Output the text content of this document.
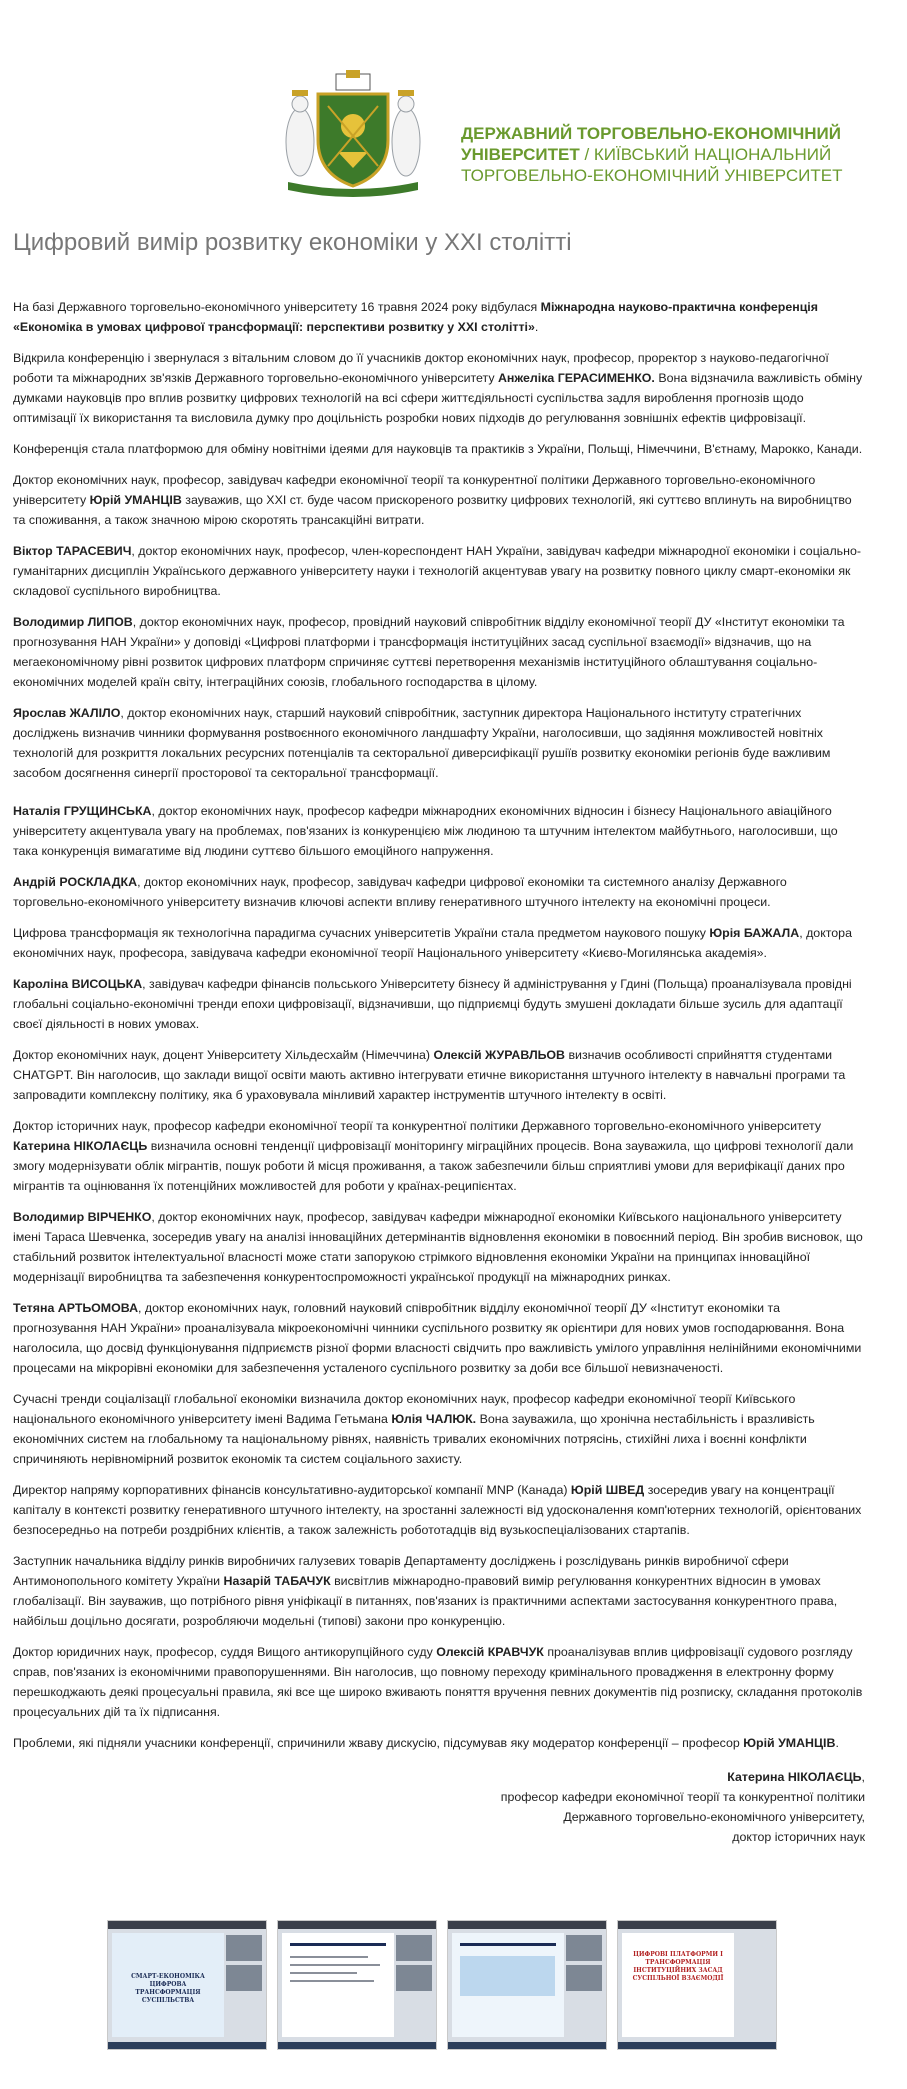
ДЕРЖАВНИЙ ТОРГОВЕЛЬНО-ЕКОНОМІЧНИЙ УНІВЕРСИТЕТ / КИЇВСЬКИЙ НАЦІОНАЛЬНИЙ ТОРГОВЕЛЬНО-ЕКОНОМІЧНИЙ УНІВЕРСИТЕТ
Цифровий вимір розвитку економіки у XXI столітті

На базі Державного торговельно-економічного університету 16 травня 2024 року відбулася Міжнародна науково-практична конференція «Економіка в умовах цифрової трансформації: перспективи розвитку у XXI столітті».

Відкрила конференцію і звернулася з вітальним словом до її учасників доктор економічних наук, професор, проректор з науково-педагогічної роботи та міжнародних зв'язків Державного торговельно-економічного університету Анжеліка ГЕРАСИМЕНКО. Вона відзначила важливість обміну думками науковців про вплив розвитку цифрових технологій на всі сфери життєдіяльності суспільства задля вироблення прогнозів щодо оптимізації їх використання та висловила думку про доцільність розробки нових підходів до регулювання зовнішніх ефектів цифровізації.

Конференція стала платформою для обміну новітніми ідеями для науковців та практиків з України, Польщі, Німеччини, В'єтнаму, Марокко, Канади.

Доктор економічних наук, професор, завідувач кафедри економічної теорії та конкурентної політики Державного торговельно-економічного університету Юрій УМАНЦІВ зауважив, що XXI ст. буде часом прискореного розвитку цифрових технологій, які суттєво вплинуть на виробництво та споживання, а також значною мірою скоротять трансакційні витрати.

Віктор ТАРАСЕВИЧ, доктор економічних наук, професор, член-кореспондент НАН України, завідувач кафедри міжнародної економіки і соціально-гуманітарних дисциплін Українського державного університету науки і технологій акцентував увагу на розвитку повного циклу смарт-економіки як складової суспільного виробництва.

Володимир ЛИПОВ, доктор економічних наук, професор, провідний науковий співробітник відділу економічної теорії ДУ «Інститут економіки та прогнозування НАН України» у доповіді «Цифрові платформи і трансформація інституційних засад суспільної взаємодії» відзначив, що на мегаекономічному рівні розвиток цифрових платформ спричиняє суттєві перетворення механізмів інституційного облаштування соціально-економічних моделей країн світу, інтеграційних союзів, глобального господарства в цілому.

Ярослав ЖАЛІЛО, доктор економічних наук, старший науковий співробітник, заступник директора Національного інституту стратегічних досліджень визначив чинники формування postвоєнного економічного ландшафту України, наголосивши, що задіяння можливостей новітніх технологій для розкриття локальних ресурсних потенціалів та секторальної диверсифікації рушіїв розвитку економіки регіонів буде важливим засобом досягнення синергії просторової та секторальної трансформації.

Наталія ГРУЩИНСЬКА, доктор економічних наук, професор кафедри міжнародних економічних відносин і бізнесу Національного авіаційного університету акцентувала увагу на проблемах, пов'язаних із конкуренцією між людиною та штучним інтелектом майбутнього, наголосивши, що така конкуренція вимагатиме від людини суттєво більшого емоційного напруження.

Андрій РОСКЛАДКА, доктор економічних наук, професор, завідувач кафедри цифрової економіки та системного аналізу Державного торговельно-економічного університету визначив ключові аспекти впливу генеративного штучного інтелекту на економічні процеси.

Цифрова трансформація як технологічна парадигма сучасних університетів України стала предметом наукового пошуку Юрія БАЖАЛА, доктора економічних наук, професора, завідувача кафедри економічної теорії Національного університету «Києво-Могилянська академія».

Кароліна ВИСОЦЬКА, завідувач кафедри фінансів польського Університету бізнесу й адміністрування у Гдині (Польща) проаналізувала провідні глобальні соціально-економічні тренди епохи цифровізації, відзначивши, що підприємці будуть змушені докладати більше зусиль для адаптації своєї діяльності в нових умовах.

Доктор економічних наук, доцент Університету Хільдесхайм (Німеччина) Олексій ЖУРАВЛЬОВ визначив особливості сприйняття студентами CHATGPT. Він наголосив, що заклади вищої освіти мають активно інтегрувати етичне використання штучного інтелекту в навчальні програми та запровадити комплексну політику, яка б ураховувала мінливий характер інструментів штучного інтелекту в освіті.

Доктор історичних наук, професор кафедри економічної теорії та конкурентної політики Державного торговельно-економічного університету Катерина НІКОЛАЄЦЬ визначила основні тенденції цифровізації моніторингу міграційних процесів. Вона зауважила, що цифрові технології дали змогу модернізувати облік мігрантів, пошук роботи й місця проживання, а також забезпечили більш сприятливі умови для верифікації даних про мігрантів та оцінювання їх потенційних можливостей для роботи у країнах-реципієнтах.

Володимир ВІРЧЕНКО, доктор економічних наук, професор, завідувач кафедри міжнародної економіки Київського національного університету імені Тараса Шевченка, зосередив увагу на аналізі інноваційних детермінантів відновлення економіки в повоєнний період. Він зробив висновок, що стабільний розвиток інтелектуальної власності може стати запорукою стрімкого відновлення економіки України на принципах інноваційної модернізації виробництва та забезпечення конкурентоспроможності української продукції на міжнародних ринках.

Тетяна АРТЬОМОВА, доктор економічних наук, головний науковий співробітник відділу економічної теорії ДУ «Інститут економіки та прогнозування НАН України» проаналізувала мікроекономічні чинники суспільного розвитку як орієнтири для нових умов господарювання. Вона наголосила, що досвід функціонування підприємств різної форми власності свідчить про важливість умілого управління нелінійними економічними процесами на мікрорівні економіки для забезпечення усталеного суспільного розвитку за доби все більшої невизначеності.

Сучасні тренди соціалізації глобальної економіки визначила доктор економічних наук, професор кафедри економічної теорії Київського національного економічного університету імені Вадима Гетьмана Юлія ЧАЛЮК. Вона зауважила, що хронічна нестабільність і вразливість економічних систем на глобальному та національному рівнях, наявність тривалих економічних потрясінь, стихійні лиха і воєнні конфлікти спричиняють нерівномірний розвиток економік та систем соціального захисту.

Директор напряму корпоративних фінансів консультативно-аудиторської компанії MNP (Канада) Юрій ШВЕД зосередив увагу на концентрації капіталу в контексті розвитку генеративного штучного інтелекту, на зростанні залежності від удосконалення комп'ютерних технологій, орієнтованих безпосередньо на потреби роздрібних клієнтів, а також залежність робототадців від вузькоспеціалізованих стартапів.

Заступник начальника відділу ринків виробничих галузевих товарів Департаменту досліджень і розслідувань ринків виробничої сфери Антимонопольного комітету України Назарій ТАБАЧУК висвітлив міжнародно-правовий вимір регулювання конкурентних відносин в умовах глобалізації. Він зауважив, що потрібного рівня уніфікації в питаннях, пов'язаних із практичними аспектами застосування конкурентного права, найбільш доцільно досягати, розробляючи модельні (типові) закони про конкуренцію.

Доктор юридичних наук, професор, суддя Вищого антикорупційного суду Олексій КРАВЧУК проаналізував вплив цифровізації судового розгляду справ, пов'язаних із економічними правопорушеннями. Він наголосив, що повному переходу кримінального провадження в електронну форму перешкоджають деякі процесуальні правила, які все ще широко вживають поняття вручення певних документів під розписку, складання протоколів процесуальних дій та їх підписання.

Проблеми, які підняли учасники конференції, спричинили жваву дискусію, підсумував яку модератор конференції – професор Юрій УМАНЦІВ.

Катерина НІКОЛАЄЦЬ,
професор кафедри економічної теорії та конкурентної політики
Державного торговельно-економічного університету,
доктор історичних наук
СМАРТ-ЕКОНОМІКА ЦИФРОВА ТРАНСФОРМАЦІЯ СУСПІЛЬСТВА
ЦИФРОВІ ПЛАТФОРМИ І ТРАНСФОРМАЦІЯ ІНСТИТУЦІЙНИХ ЗАСАД СУСПІЛЬНОЇ ВЗАЄМОДІЇ
